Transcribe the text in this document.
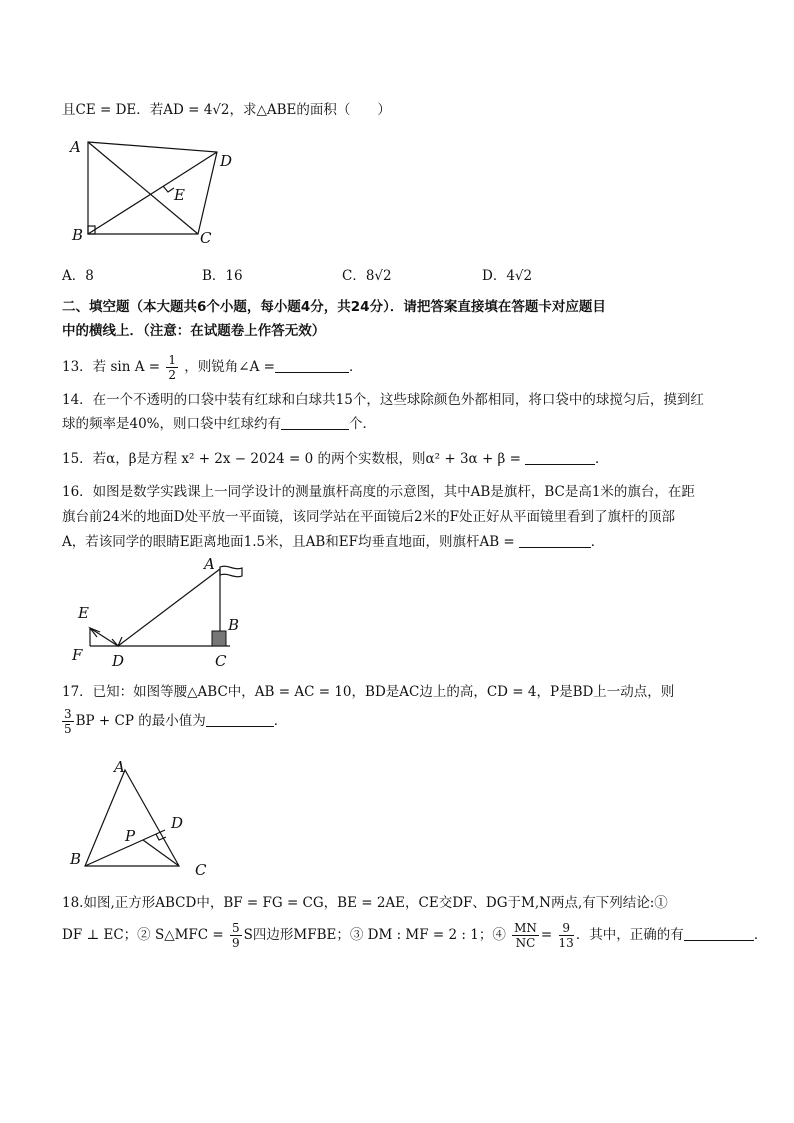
且CE = DE．若AD = 4√2，求△ABE的面积（　　）
A
B	C
D
E
A．8	B．16	C．8√2	D．4√2
二、填空题（本大题共6个小题，每小题4分，共24分）．请把答案直接填在答题卡对应题目
中的横线上．（注意：在试题卷上作答无效）
13．若 $\sin A = \frac{1}{2}$ ，则锐角∠A =	．
14．在一个不透明的口袋中装有红球和白球共15个，这些球除颜色外都相同，将口袋中的球搅匀后，摸到红
球的频率是40%，则口袋中红球约有	个．
15．若α，β是方程 x² + 2x − 2024 = 0 的两个实数根，则α² + 3α + β =	．
16．如图是数学实践课上一同学设计的测量旗杆高度的示意图，其中AB是旗杆，BC是高1米的旗台，在距
旗台前24米的地面D处平放一平面镜，该同学站在平面镜后2米的F处正好从平面镜里看到了旗杆的顶部
A，若该同学的眼睛E距离地面1.5米，且AB和EF均垂直地面，则旗杆AB =	．
A
B
C
D
E
F
17．已知：如图等腰△ABC中，AB = AC = 10，BD是AC边上的高，CD = 4，P是BD上一动点，则
$\frac{3}{5}$ BP + CP 的最小值为	．
A
B
C
D
P
18.如图,正方形ABCD中，BF = FG = CG，BE = 2AE，CE交DF、DG于M,N两点,有下列结论:①
DF ⊥ EC；② S△MFC = $\frac{5}{9}$ S四边形MFBE；③ DM : MF = 2 : 1；④ $\frac{MN}{NC} = \frac{9}{13}$ ．其中，正确的有	．
